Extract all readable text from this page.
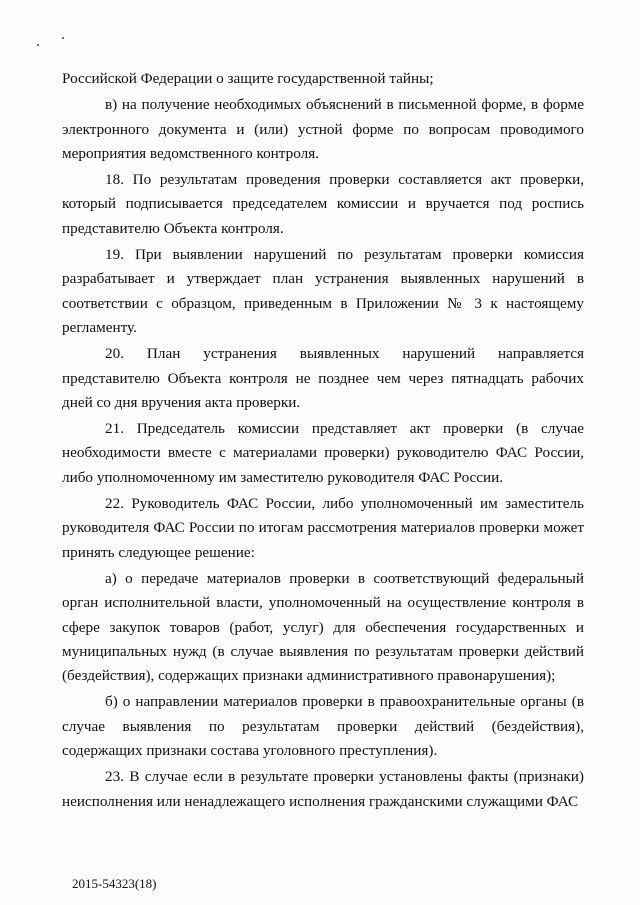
Российской Федерации о защите государственной тайны;

в) на получение необходимых объяснений в письменной форме, в форме электронного документа и (или) устной форме по вопросам проводимого мероприятия ведомственного контроля.

18. По результатам проведения проверки составляется акт проверки, который подписывается председателем комиссии и вручается под роспись представителю Объекта контроля.

19. При выявлении нарушений по результатам проверки комиссия разрабатывает и утверждает план устранения выявленных нарушений в соответствии с образцом, приведенным в Приложении № 3 к настоящему регламенту.

20. План устранения выявленных нарушений направляется представителю Объекта контроля не позднее чем через пятнадцать рабочих дней со дня вручения акта проверки.

21. Председатель комиссии представляет акт проверки (в случае необходимости вместе с материалами проверки) руководителю ФАС России, либо уполномоченному им заместителю руководителя ФАС России.

22. Руководитель ФАС России, либо уполномоченный им заместитель руководителя ФАС России по итогам рассмотрения материалов проверки может принять следующее решение:

а) о передаче материалов проверки в соответствующий федеральный орган исполнительной власти, уполномоченный на осуществление контроля в сфере закупок товаров (работ, услуг) для обеспечения государственных и муниципальных нужд (в случае выявления по результатам проверки действий (бездействия), содержащих признаки административного правонарушения);

б) о направлении материалов проверки в правоохранительные органы (в случае выявления по результатам проверки действий (бездействия), содержащих признаки состава уголовного преступления).

23. В случае если в результате проверки установлены факты (признаки) неисполнения или ненадлежащего исполнения гражданскими служащими ФАС

2015-54323(18)
